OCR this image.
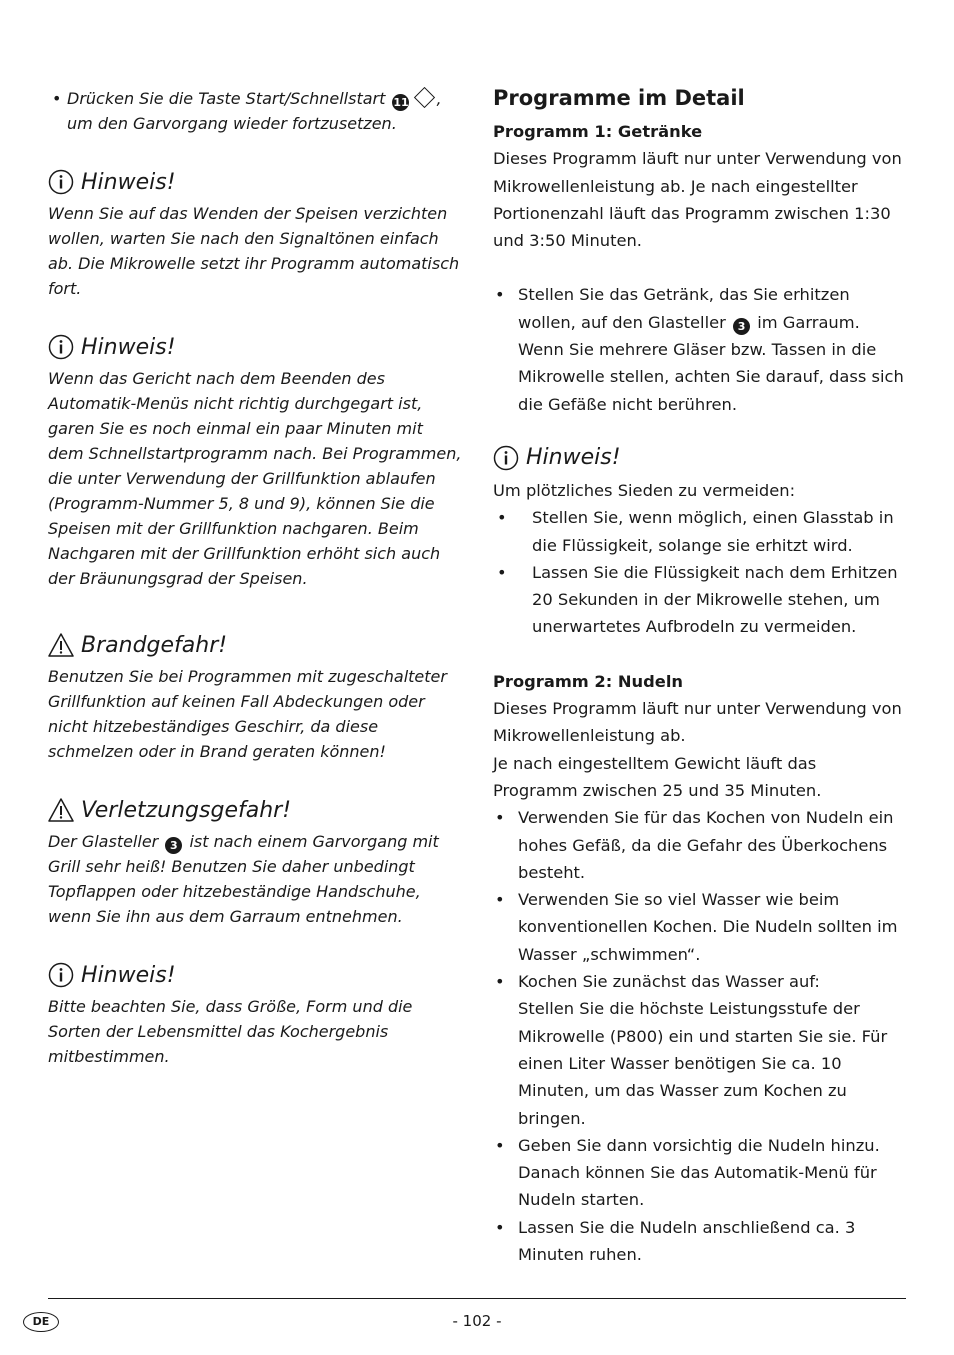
• Drücken Sie die Taste Start/Schnellstart 11 , um den Garvorgang wieder fortzusetzen.
Hinweis!

Wenn Sie auf das Wenden der Speisen verzichten wollen, warten Sie nach den Signaltönen einfach ab. Die Mikrowelle setzt ihr Programm automatisch fort.

Hinweis!

Wenn das Gericht nach dem Beenden des Automatik-Menüs nicht richtig durchgegart ist, garen Sie es noch einmal ein paar Minuten mit dem Schnellstartprogramm nach. Bei Programmen, die unter Verwendung der Grillfunktion ablaufen (Programm-Nummer 5, 8 und 9), können Sie die Speisen mit der Grillfunktion nachgaren. Beim Nachgaren mit der Grillfunktion erhöht sich auch der Bräunungsgrad der Speisen.

Brandgefahr!

Benutzen Sie bei Programmen mit zugeschalteter Grillfunktion auf keinen Fall Abdeckungen oder nicht hitzebeständiges Geschirr, da diese schmelzen oder in Brand geraten können!

Verletzungsgefahr!

Der Glasteller 3 ist nach einem Garvorgang mit Grill sehr heiß! Benutzen Sie daher unbedingt Topflappen oder hitzebeständige Handschuhe, wenn Sie ihn aus dem Garraum entnehmen.

Hinweis!

Bitte beachten Sie, dass Größe, Form und die Sorten der Lebensmittel das Kochergebnis mitbestimmen.

Programme im Detail
Programm 1: Getränke

Dieses Programm läuft nur unter Verwendung von Mikrowellenleistung ab. Je nach eingestellter Portionenzahl läuft das Programm zwischen 1:30 und 3:50 Minuten.

• Stellen Sie das Getränk, das Sie erhitzen wollen, auf den Glasteller 3 im Garraum. Wenn Sie mehrere Gläser bzw. Tassen in die Mikrowelle stellen, achten Sie darauf, dass sich die Gefäße nicht berühren.
Hinweis!

Um plötzliches Sieden zu vermeiden:

• Stellen Sie, wenn möglich, einen Glasstab in die Flüssigkeit, solange sie erhitzt wird.
• Lassen Sie die Flüssigkeit nach dem Erhitzen 20 Sekunden in der Mikrowelle stehen, um unerwartetes Aufbrodeln zu vermeiden.
Programm 2: Nudeln

Dieses Programm läuft nur unter Verwendung von Mikrowellenleistung ab.

Je nach eingestelltem Gewicht läuft das Programm zwischen 25 und 35 Minuten.

• Verwenden Sie für das Kochen von Nudeln ein hohes Gefäß, da die Gefahr des Überkochens besteht.
• Verwenden Sie so viel Wasser wie beim konventionellen Kochen. Die Nudeln sollten im Wasser „schwimmen“.
• Kochen Sie zunächst das Wasser auf:
Stellen Sie die höchste Leistungsstufe der Mikrowelle (P800) ein und starten Sie sie. Für einen Liter Wasser benötigen Sie ca. 10 Minuten, um das Wasser zum Kochen zu bringen.
• Geben Sie dann vorsichtig die Nudeln hinzu. Danach können Sie das Automatik-Menü für Nudeln starten.
• Lassen Sie die Nudeln anschließend ca. 3 Minuten ruhen.
DE	- 102 -
